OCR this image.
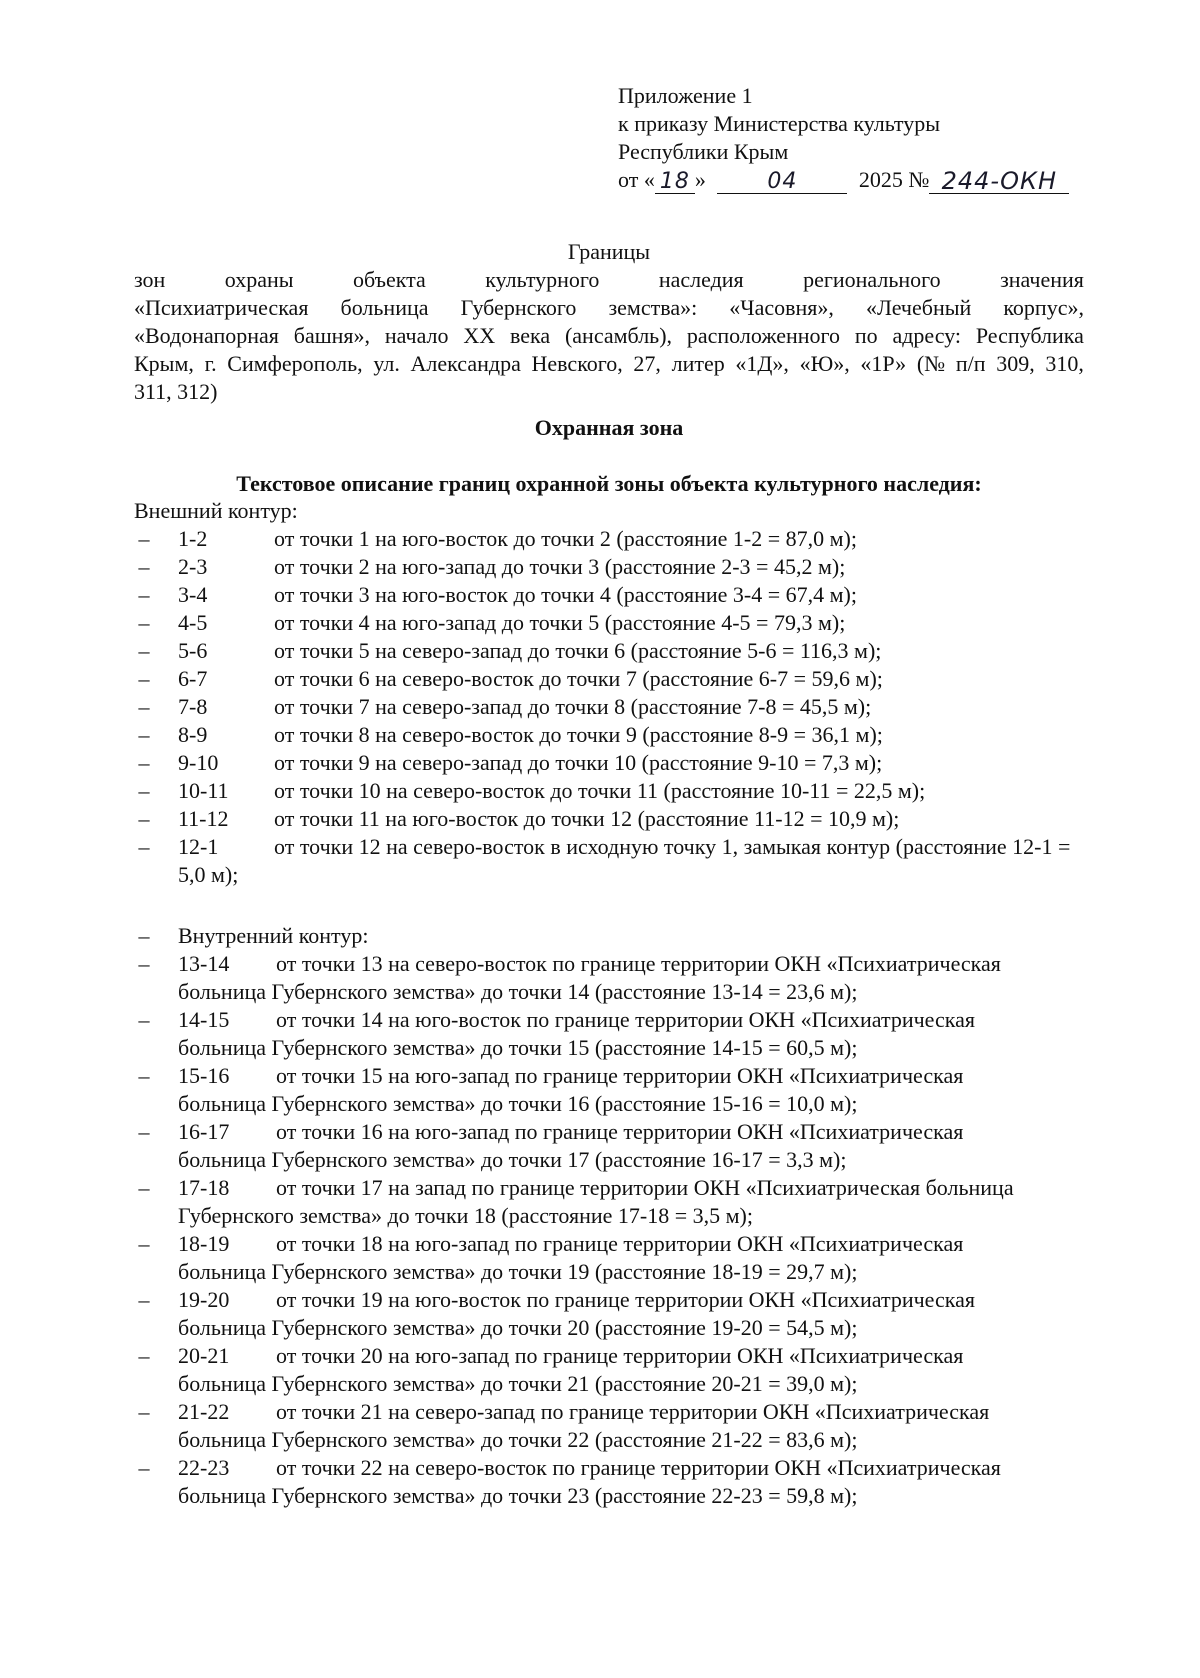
Приложение 1
к приказу Министерства культуры
Республики Крым
от « 18 »	04	2025 № 244-ОКН
Границы
зон	охраны	объекта	культурного	наследия	регионального	значения
«Психиатрическая больница Губернского земства»: «Часовня», «Лечебный корпус»,
«Водонапорная башня», начало XX века (ансамбль), расположенного по адресу: Республика
Крым, г. Симферополь, ул. Александра Невского, 27, литер «1Д», «Ю», «1Р» (№ п/п 309, 310,
311, 312)
Охранная зона
Текстовое описание границ охранной зоны объекта культурного наследия:
Внешний контур:
– 1-2	от точки 1 на юго-восток до точки 2 (расстояние 1-2 = 87,0 м);
– 2-3	от точки 2 на юго-запад до точки 3 (расстояние 2-3 = 45,2 м);
– 3-4	от точки 3 на юго-восток до точки 4 (расстояние 3-4 = 67,4 м);
– 4-5	от точки 4 на юго-запад до точки 5 (расстояние 4-5 = 79,3 м);
– 5-6	от точки 5 на северо-запад до точки 6 (расстояние 5-6 = 116,3 м);
– 6-7	от точки 6 на северо-восток до точки 7 (расстояние 6-7 = 59,6 м);
– 7-8	от точки 7 на северо-запад до точки 8 (расстояние 7-8 = 45,5 м);
– 8-9	от точки 8 на северо-восток до точки 9 (расстояние 8-9 = 36,1 м);
– 9-10	от точки 9 на северо-запад до точки 10 (расстояние 9-10 = 7,3 м);
– 10-11 от точки 10 на северо-восток до точки 11 (расстояние 10-11 = 22,5 м);
– 11-12 от точки 11 на юго-восток до точки 12 (расстояние 11-12 = 10,9 м);
– 12-1	от точки 12 на северо-восток в исходную точку 1, замыкая контур (расстояние 12-1 = 5,0 м);
– Внутренний контур:
– 13-14 от точки 13 на северо-восток по границе территории ОКН «Психиатрическая
больница Губернского земства» до точки 14 (расстояние 13-14 = 23,6 м);
– 14-15 от точки 14 на юго-восток по границе территории ОКН «Психиатрическая
больница Губернского земства» до точки 15 (расстояние 14-15 = 60,5 м);
– 15-16 от точки 15 на юго-запад по границе территории ОКН «Психиатрическая
больница Губернского земства» до точки 16 (расстояние 15-16 = 10,0 м);
– 16-17 от точки 16 на юго-запад по границе территории ОКН «Психиатрическая
больница Губернского земства» до точки 17 (расстояние 16-17 = 3,3 м);
– 17-18 от точки 17 на запад по границе территории ОКН «Психиатрическая больница
Губернского земства» до точки 18 (расстояние 17-18 = 3,5 м);
– 18-19 от точки 18 на юго-запад по границе территории ОКН «Психиатрическая
больница Губернского земства» до точки 19 (расстояние 18-19 = 29,7 м);
– 19-20 от точки 19 на юго-восток по границе территории ОКН «Психиатрическая
больница Губернского земства» до точки 20 (расстояние 19-20 = 54,5 м);
– 20-21 от точки 20 на юго-запад по границе территории ОКН «Психиатрическая
больница Губернского земства» до точки 21 (расстояние 20-21 = 39,0 м);
– 21-22 от точки 21 на северо-запад по границе территории ОКН «Психиатрическая
больница Губернского земства» до точки 22 (расстояние 21-22 = 83,6 м);
– 22-23 от точки 22 на северо-восток по границе территории ОКН «Психиатрическая
больница Губернского земства» до точки 23 (расстояние 22-23 = 59,8 м);
